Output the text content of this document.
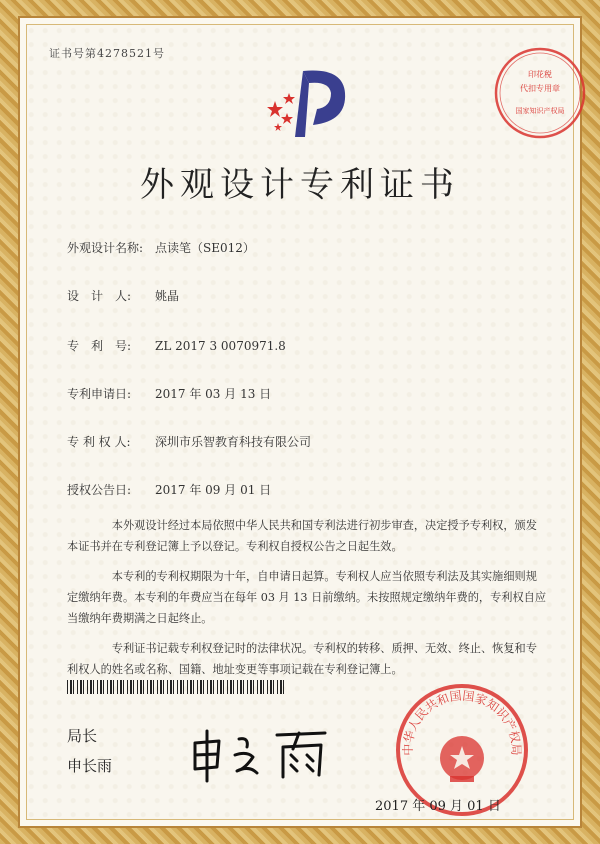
证书号第4278521号
印花税
代扣专用章
国家知识产权局
外观设计专利证书
外观设计名称: 点读笔（SE012）
设　计　人: 姚晶
专　利　号: ZL 2017 3 0070971.8
专利申请日: 2017 年 03 月 13 日
专 利 权 人: 深圳市乐智教育科技有限公司
授权公告日: 2017 年 09 月 01 日

本外观设计经过本局依照中华人民共和国专利法进行初步审查，决定授予专利权，颁发本证书并在专利登记簿上予以登记。专利权自授权公告之日起生效。

本专利的专利权期限为十年，自申请日起算。专利权人应当依照专利法及其实施细则规定缴纳年费。本专利的年费应当在每年 03 月 13 日前缴纳。未按照规定缴纳年费的，专利权自应当缴纳年费期满之日起终止。

专利证书记载专利权登记时的法律状况。专利权的转移、质押、无效、终止、恢复和专利权人的姓名或名称、国籍、地址变更等事项记载在专利登记簿上。

局长
申长雨
中华人民共和国国家知识产权局
2017 年 09 月 01 日
